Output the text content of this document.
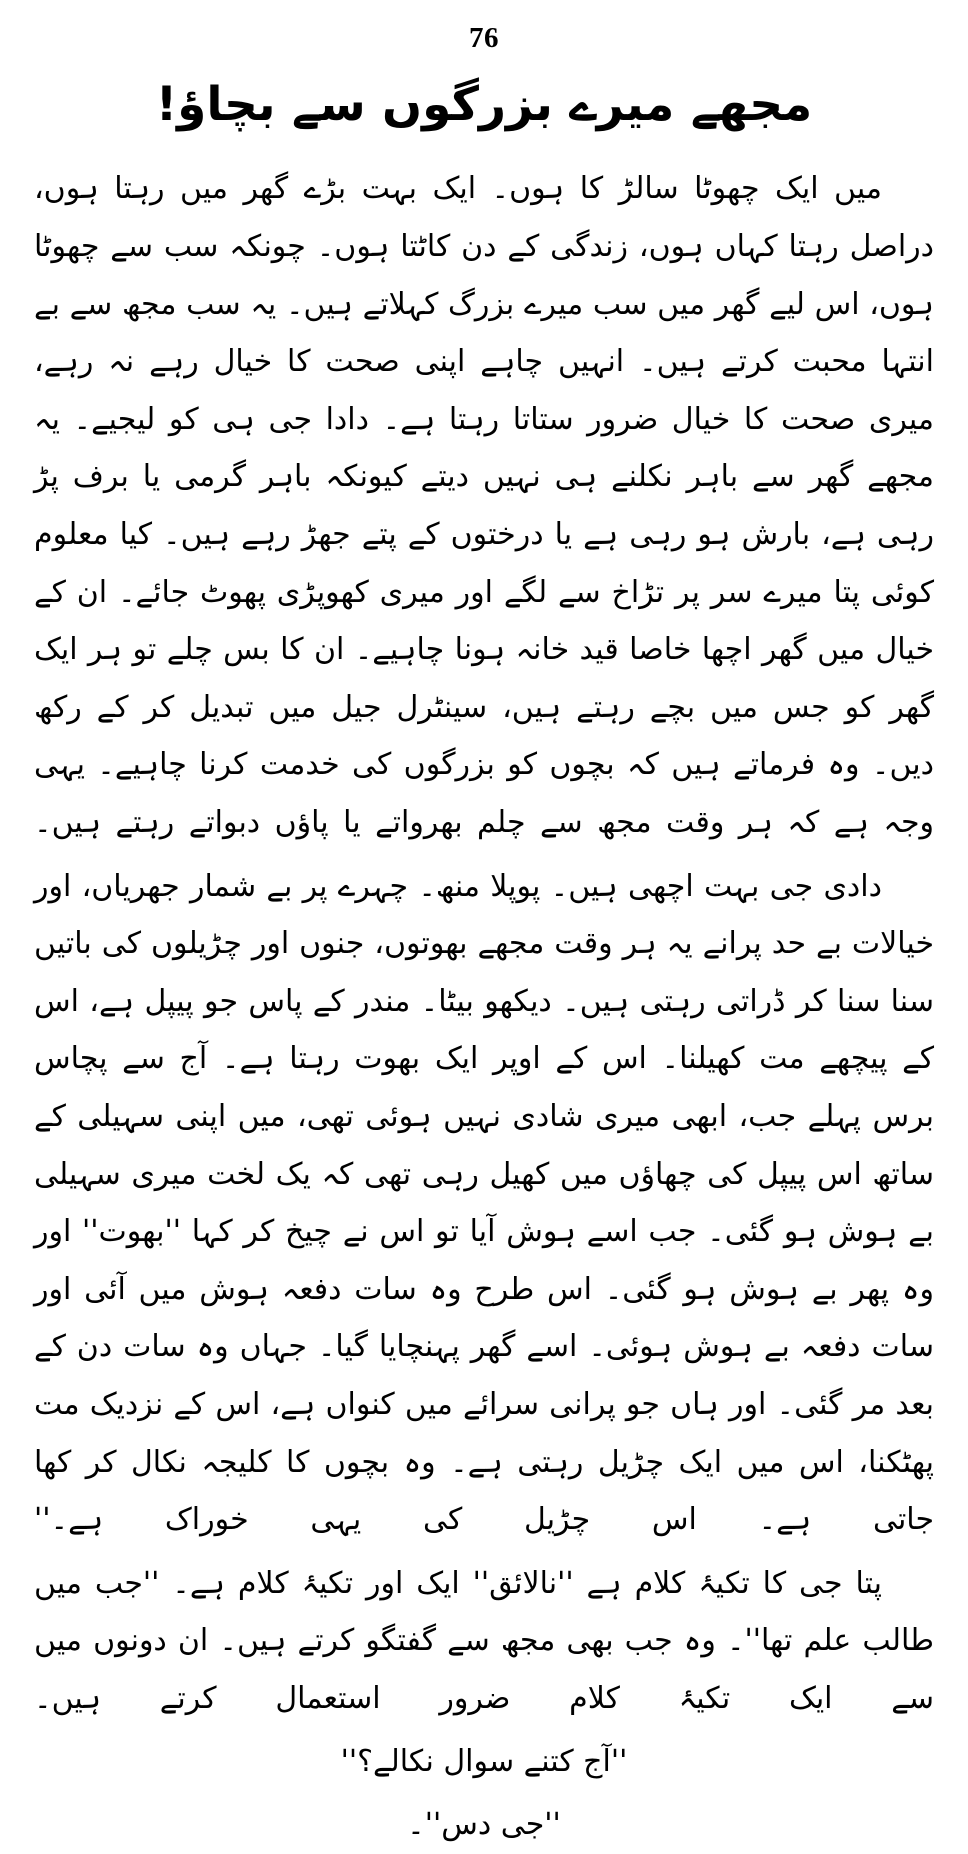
76
مجھے میرے بزرگوں سے بچاؤ!

میں ایک چھوٹا سالڑ کا ہوں۔ ایک بہت بڑے گھر میں رہتا ہوں، دراصل رہتا کہاں ہوں، زندگی کے دن کاٹتا ہوں۔ چونکہ سب سے چھوٹا ہوں، اس لیے گھر میں سب میرے بزرگ کہلاتے ہیں۔ یہ سب مجھ سے بے انتہا محبت کرتے ہیں۔ انہیں چاہے اپنی صحت کا خیال رہے نہ رہے، میری صحت کا خیال ضرور ستاتا رہتا ہے۔ دادا جی ہی کو لیجیے۔ یہ مجھے گھر سے باہر نکلنے ہی نہیں دیتے کیونکہ باہر گرمی یا برف پڑ رہی ہے، بارش ہو رہی ہے یا درختوں کے پتے جھڑ رہے ہیں۔ کیا معلوم کوئی پتا میرے سر پر تڑاخ سے لگے اور میری کھوپڑی پھوٹ جائے۔ ان کے خیال میں گھر اچھا خاصا قید خانہ ہونا چاہیے۔ ان کا بس چلے تو ہر ایک گھر کو جس میں بچے رہتے ہیں، سینٹرل جیل میں تبدیل کر کے رکھ دیں۔ وہ فرماتے ہیں کہ بچوں کو بزرگوں کی خدمت کرنا چاہیے۔ یہی وجہ ہے کہ ہر وقت مجھ سے چلم بھرواتے یا پاؤں دبواتے رہتے ہیں۔

دادی جی بہت اچھی ہیں۔ پوپلا منھ۔ چہرے پر بے شمار جھریاں، اور خیالات بے حد پرانے یہ ہر وقت مجھے بھوتوں، جنوں اور چڑیلوں کی باتیں سنا سنا کر ڈراتی رہتی ہیں۔ دیکھو بیٹا۔ مندر کے پاس جو پیپل ہے، اس کے پیچھے مت کھیلنا۔ اس کے اوپر ایک بھوت رہتا ہے۔ آج سے پچاس برس پہلے جب، ابھی میری شادی نہیں ہوئی تھی، میں اپنی سہیلی کے ساتھ اس پیپل کی چھاؤں میں کھیل رہی تھی کہ یک لخت میری سہیلی بے ہوش ہو گئی۔ جب اسے ہوش آیا تو اس نے چیخ کر کہا ''بھوت'' اور وہ پھر بے ہوش ہو گئی۔ اس طرح وہ سات دفعہ ہوش میں آئی اور سات دفعہ بے ہوش ہوئی۔ اسے گھر پہنچایا گیا۔ جہاں وہ سات دن کے بعد مر گئی۔ اور ہاں جو پرانی سرائے میں کنواں ہے، اس کے نزدیک مت پھٹکنا، اس میں ایک چڑیل رہتی ہے۔ وہ بچوں کا کلیجہ نکال کر کھا جاتی ہے۔ اس چڑیل کی یہی خوراک ہے۔''

پتا جی کا تکیۂ کلام ہے ''نالائق'' ایک اور تکیۂ کلام ہے۔ ''جب میں طالب علم تھا''۔ وہ جب بھی مجھ سے گفتگو کرتے ہیں۔ ان دونوں میں سے ایک تکیۂ کلام ضرور استعمال کرتے ہیں۔

''آج کتنے سوال نکالے؟''
''جی دس''۔
